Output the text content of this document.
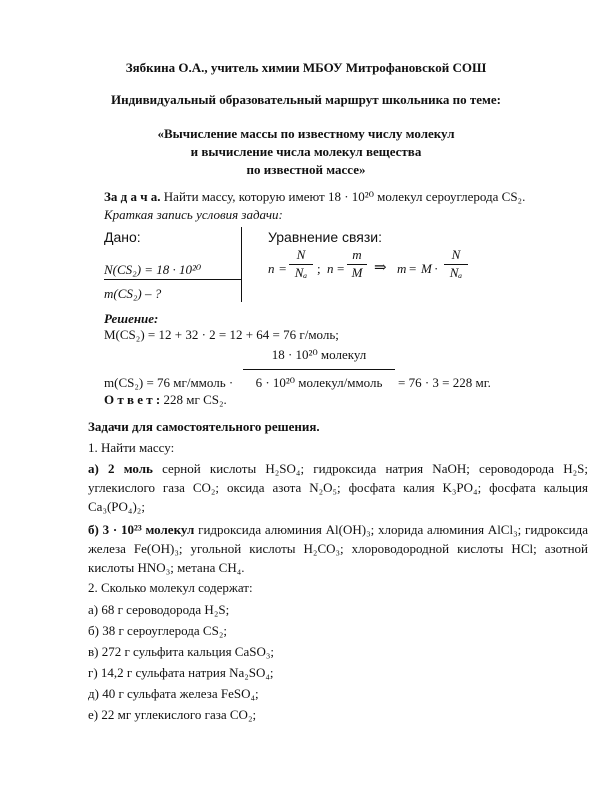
Зябкина О.А., учитель химии МБОУ Митрофановской СОШ
Индивидуальный образовательный маршрут школьника по теме:
«Вычисление массы по известному числу молекул
и вычисление числа молекул вещества
по известной массе»
За д а ч а. Найти массу, которую имеют 18 · 10²⁰ молекул сероуглерода CS₂.
Краткая запись условия задачи:
Дано:
N(CS₂) = 18 · 10²⁰
m(CS₂) – ?
Уравнение связи:
$n = \frac{N}{\text{Nₐ}}$ ; $n = \frac{m}{M}$ ⇒ $m = M \cdot \frac{N}{\text{Nₐ}}$
Решение:
M(CS₂) = 12 + 32 · 2 = 12 + 64 = 76 г/моль;
m(CS₂) = 76 мг/ммоль ·
18 · 10²⁰ молекул
6 · 10²⁰ молекул/ммоль	= 76 · 3 = 228 мг.
О т в е т : 228 мг CS₂.
Задачи для самостоятельного решения.
1. Найти массу:
а) 2 моль серной кислоты H₂SO₄; гидроксида натрия NaOH; сероводорода H₂S; углекислого газа CO₂; оксида азота N₂O₅; фосфата калия K₃PO₄; фосфата кальция Ca₃(PO₄)₂;
б) 3 · 10²³ молекул гидроксида алюминия Al(OH)₃; хлорида алюминия AlCl₃; гидроксида железа Fe(OH)₃; угольной кислоты H₂CO₃; хлороводородной кислоты HCl; азотной кислоты HNO₃; метана CH₄.
2. Сколько молекул содержат:
а) 68 г сероводорода H₂S;
б) 38 г сероуглерода CS₂;
в) 272 г сульфита кальция CaSO₃;
г) 14,2 г сульфата натрия Na₂SO₄;
д) 40 г сульфата железа FeSO₄;
е) 22 мг углекислого газа CO₂;
